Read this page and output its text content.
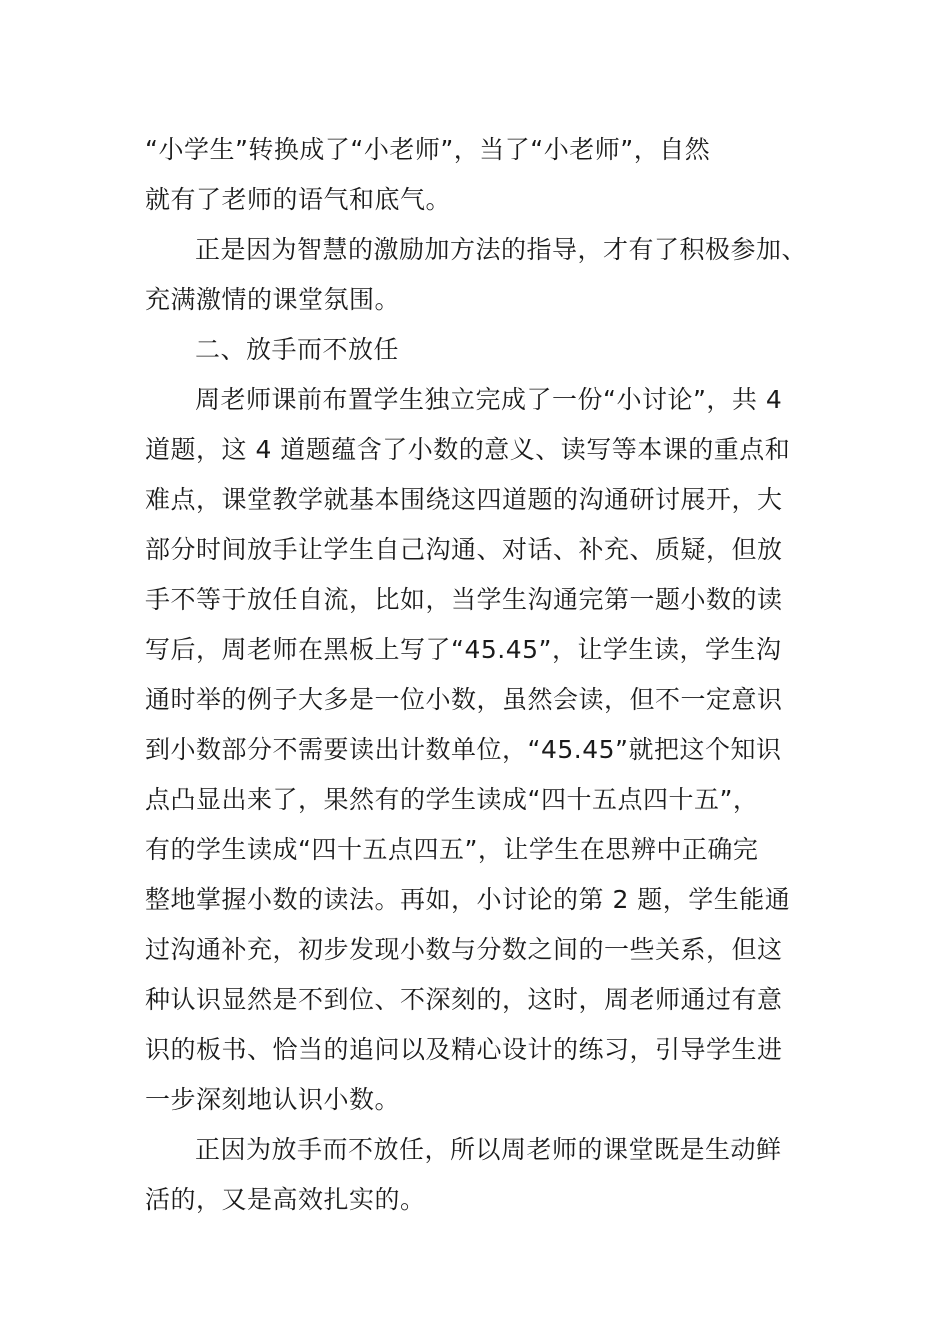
“小学生”转换成了“小老师”，当了“小老师”，自然
就有了老师的语气和底气。
正是因为智慧的激励加方法的指导，才有了积极参加、
充满激情的课堂氛围。
二、放手而不放任
周老师课前布置学生独立完成了一份“小讨论”，共 4
道题，这 4 道题蕴含了小数的意义、读写等本课的重点和
难点，课堂教学就基本围绕这四道题的沟通研讨展开，大
部分时间放手让学生自己沟通、对话、补充、质疑，但放
手不等于放任自流，比如，当学生沟通完第一题小数的读
写后，周老师在黑板上写了“45.45”，让学生读，学生沟
通时举的例子大多是一位小数，虽然会读，但不一定意识
到小数部分不需要读出计数单位，“45.45”就把这个知识
点凸显出来了，果然有的学生读成“四十五点四十五”，
有的学生读成“四十五点四五”，让学生在思辨中正确完
整地掌握小数的读法。再如，小讨论的第 2 题，学生能通
过沟通补充，初步发现小数与分数之间的一些关系，但这
种认识显然是不到位、不深刻的，这时，周老师通过有意
识的板书、恰当的追问以及精心设计的练习，引导学生进
一步深刻地认识小数。
正因为放手而不放任，所以周老师的课堂既是生动鲜
活的，又是高效扎实的。
